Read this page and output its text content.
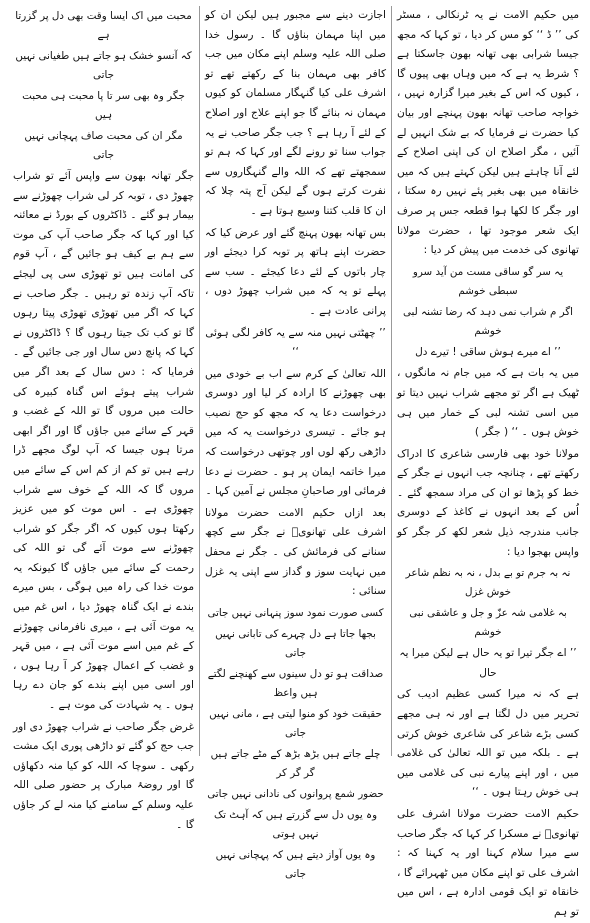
میں حکیم الامت نے یہ ٹرنکالی ، مسٹر کی ’’ ڈ ‘‘ کو مس کر دیا ، تو کہا کہ مجھ جیسا شرابی بھی تھانہ بھون جاسکتا ہے ؟ شرط یہ ہے کہ میں وہاں بھی پیوں گا ، کیوں کہ اس کے بغیر میرا گزارہ نہیں ، خواجہ صاحب تھانہ بھون پہنچے اور بیان کیا حضرت نے فرمایا کہ بے شک انہیں لے آئیں ، مگر اصلاح ان کی اپنی اصلاح کے لئے آنا چاہتے ہیں لیکن کہتے ہیں کہ میں خانقاہ میں بھی بغیر پئے نہیں رہ سکتا ، اور جگر کا لکھا ہوا قطعہ جس پر صرف ایک شعر موجود تھا ، حضرت مولانا تھانوی کی خدمت میں پیش کر دیا :

یہ سر گو ساقی مست من آید سرو سبطی خوشم

اگر م شراب نمی دہد کہ رضا تشنہ لبی خوشم

’’ اے میرے ہوش ساقی ! تیرے دل

میں یہ بات ہے کہ میں جام نہ مانگوں ، ٹھیک ہے اگر تو مجھے شراب نہیں دیتا تو میں اسی تشنہ لبی کے خمار میں ہی خوش ہوں ۔ ‘‘ ( جگر )

مولانا خود بھی فارسی شاعری کا ادراک رکھتے تھے ، چنانچہ جب انہوں نے جگر کے خط کو پڑھا تو ان کی مراد سمجھ گئے ۔ اُس کے بعد انہوں نے کاغذ کے دوسری جانب مندرجہ ذیل شعر لکھ کر جگر کو واپس بھجوا دیا :

نہ بہ جرم تو بے بدل ، نہ بہ نظم شاعر خوش غزل

بہ غلامی شہ عزّ و جل و عاشقی نبی خوشم

’’ اے جگر تیرا تو یہ حال ہے لیکن میرا یہ حال

ہے کہ نہ میرا کسی عظیم ادیب کی تحریر میں دل لگتا ہے اور نہ ہی مجھے کسی بڑے شاعر کی شاعری خوش کرتی ہے ۔ بلکہ میں تو اللہ تعالیٰ کی غلامی میں ، اور اپنے پیارے نبی کی غلامی میں ہی خوش رہتا ہوں ۔ ‘‘

حکیم الامت حضرت مولانا اشرف علی تھانویؒ نے مسکرا کر کہا کہ جگر صاحب سے میرا سلام کہنا اور یہ کہنا کہ : اشرف علی تو اپنے مکان میں ٹھہرائے گا ، خانقاہ تو ایک قومی ادارہ ہے ، اس میں تو ہم

اجازت دینے سے مجبور ہیں لیکن ان کو میں اپنا مہمان بناؤں گا ۔ رسول خدا صلی اللہ علیہ وسلم اپنے مکان میں جب کافر بھی مہمان بنا کے رکھتے تھے تو اشرف علی کیا گنہگار مسلمان کو کیوں مہمان نہ بنائے گا جو اپنے علاج اور اصلاح کے لئے آ رہا ہے ؟ جب جگر صاحب نے یہ جواب سنا تو رونے لگے اور کہا کہ ہم تو سمجھتے تھے کہ اللہ والے گنہگاروں سے نفرت کرتے ہوں گے لیکن آج پتہ چلا کہ ان کا قلب کتنا وسیع ہوتا ہے ۔

بس تھانہ بھون پہنچ گئے اور عرض کیا کہ حضرت اپنے ہاتھ پر توبہ کرا دیجئے اور چار باتوں کے لئے دعا کیجئے ۔ سب سے پہلے تو یہ کہ میں شراب چھوڑ دوں ، پرانی عادت ہے ۔

’’ چھٹتی نہیں منہ سے یہ کافر لگی ہوئی ‘‘

اللہ تعالیٰ کے کرم سے اب بے خودی میں بھی چھوڑنے کا ارادہ کر لیا اور دوسری درخواست دعا یہ کہ مجھ کو حج نصیب ہو جائے ۔ تیسری درخواست یہ کہ میں داڑھی رکھ لوں اور چوتھی درخواست کہ میرا خاتمہ ایمان پر ہو ۔ حضرت نے دعا فرمائی اور صاحبانِ مجلس نے آمین کہا ۔

بعد ازاں حکیم الامت حضرت مولانا اشرف علی تھانویؒ نے جگر سے کچھ سنانے کی فرمائش کی ۔ جگر نے محفل میں نہایت سوز و گداز سے اپنی یہ غزل سنائی :

کسی صورت نمود سوز پنہانی نہیں جاتی

بجھا جاتا ہے دل چہرے کی تابانی نہیں جاتی

صداقت ہو تو دل سینوں سے کھنچنے لگتے ہیں واعظ

حقیقت خود کو منوا لیتی ہے ، مانی نہیں جاتی

چلے جاتے ہیں بڑھ بڑھ کے مٹے جاتے ہیں گر گر کر

حضور شمع پروانوں کی نادانی نہیں جاتی

وہ یوں دل سے گزرتے ہیں کہ آہٹ تک نہیں ہوتی

وہ یوں آواز دیتے ہیں کہ پہچانی نہیں جاتی

محبت میں اک ایسا وقت بھی دل پر گزرتا ہے

کہ آنسو خشک ہو جاتے ہیں طغیانی نہیں جاتی

جگر وہ بھی سر تا پا محبت ہی محبت ہیں

مگر ان کی محبت صاف پہچانی نہیں جاتی

جگر تھانہ بھون سے واپس آئے تو شراب چھوڑ دی ، توبہ کر لی شراب چھوڑنے سے بیمار ہو گئے ۔ ڈاکٹروں کے بورڈ نے معائنہ کیا اور کہا کہ جگر صاحب آپ کی موت سے ہم بے کیف ہو جائیں گے ، آپ قوم کی امانت ہیں تو تھوڑی سی پی لیجئے تاکہ آپ زندہ تو رہیں ۔ جگر صاحب نے کہا کہ اگر میں تھوڑی تھوڑی پیتا رہوں گا تو کب تک جیتا رہوں گا ؟ ڈاکٹروں نے کہا کہ پانچ دس سال اور جی جائیں گے ۔ فرمایا کہ : دس سال کے بعد اگر میں شراب پیتے ہوئے اس گناہ کبیرہ کی حالت میں مروں گا تو اللہ کے غضب و قہر کے سائے میں جاؤں گا اور اگر ابھی مرتا ہوں جیسا کہ آپ لوگ مجھے ڈرا رہے ہیں تو کم از کم اس کے سائے میں مروں گا کہ اللہ کے خوف سے شراب چھوڑی ہے ۔ اس موت کو میں عزیز رکھتا ہوں کیوں کہ اگر جگر کو شراب چھوڑنے سے موت آئے گی تو اللہ کی رحمت کے سائے میں جاؤں گا کیونکہ یہ موت خدا کی راہ میں ہوگی ، بس میرے بندے نے ایک گناہ چھوڑ دیا ، اس غم میں یہ موت آئی ہے ، میری نافرمانی چھوڑنے کے غم میں اسے موت آئی ہے ، میں قہر و غضب کے اعمال چھوڑ کر آ رہا ہوں ، اور اسی میں اپنے بندے کو جان دے رہا ہوں ۔ یہ شہادت کی موت ہے ۔

غرض جگر صاحب نے شراب چھوڑ دی اور جب حج کو گئے تو داڑھی پوری ایک مشت رکھی ۔ سوچا کہ اللہ کو کیا منہ دکھاؤں گا اور روضۂ مبارک پر حضور صلی اللہ علیہ وسلم کے سامنے کیا منہ لے کر جاؤں گا ۔
